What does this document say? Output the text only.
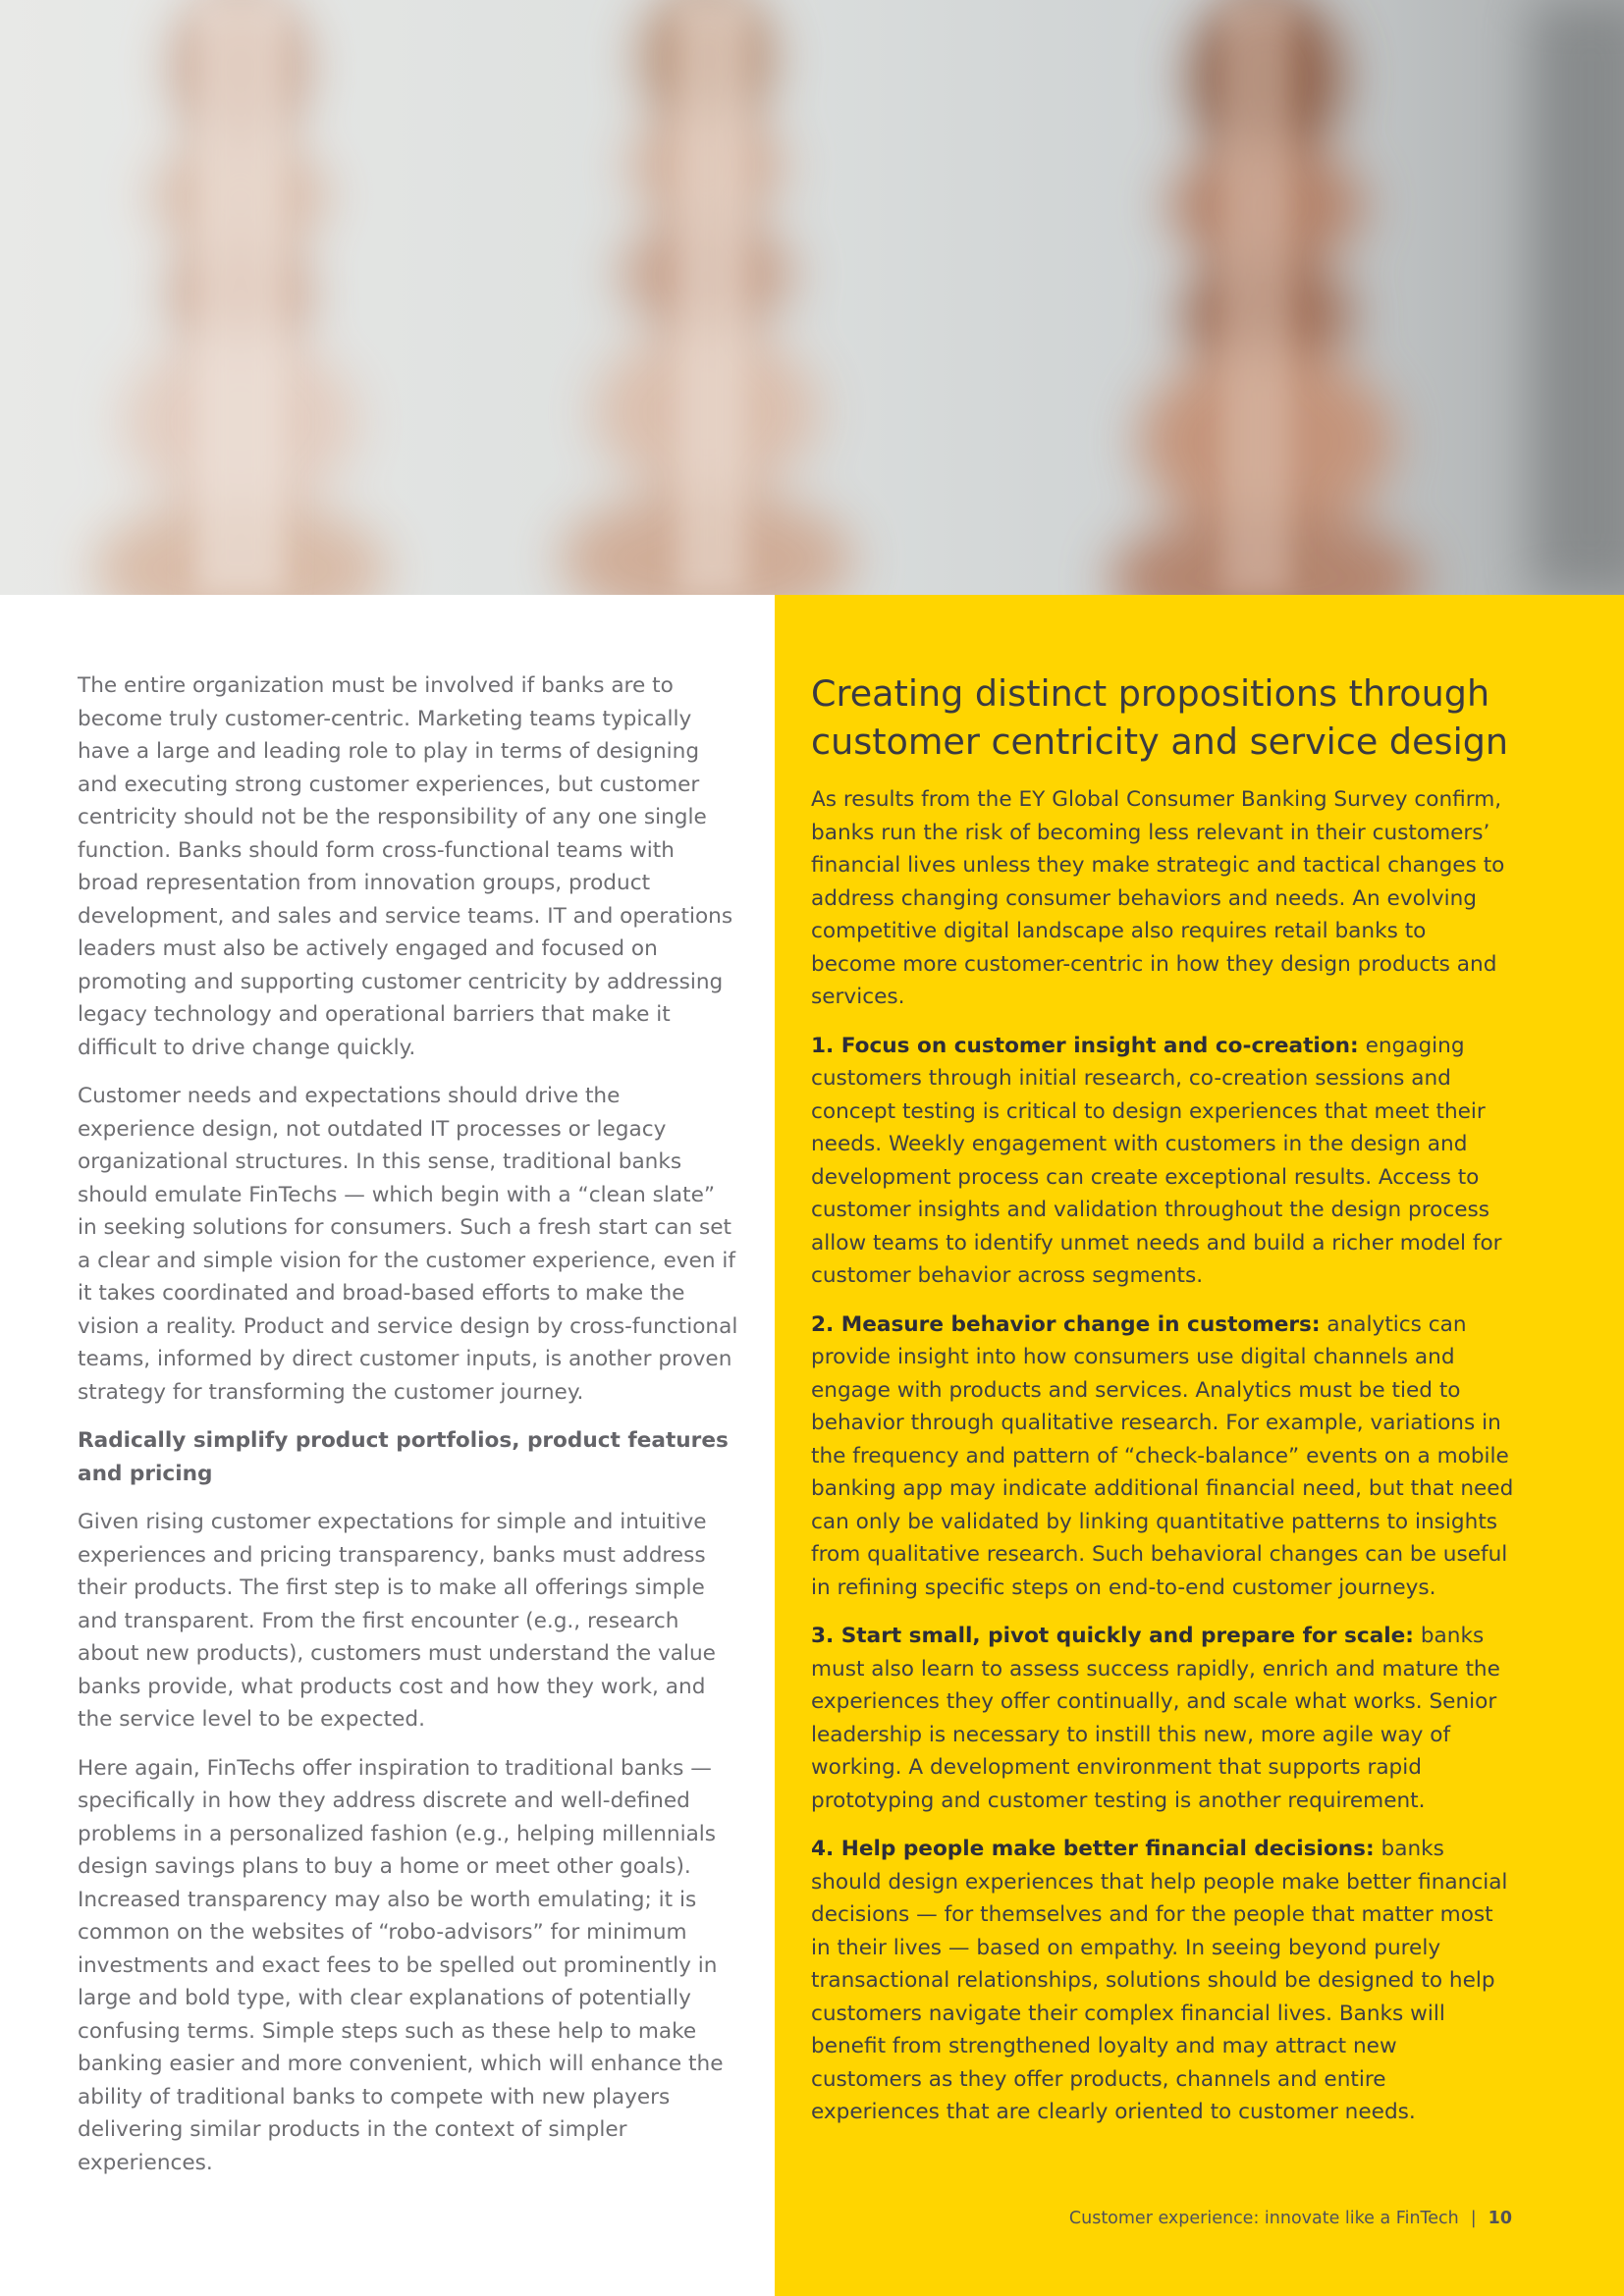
The entire organization must be involved if banks are to become truly customer-centric. Marketing teams typically have a large and leading role to play in terms of designing and executing strong customer experiences, but customer centricity should not be the responsibility of any one single function. Banks should form cross-functional teams with broad representation from innovation groups, product development, and sales and service teams. IT and operations leaders must also be actively engaged and focused on promoting and supporting customer centricity by addressing legacy technology and operational barriers that make it difficult to drive change quickly.

Customer needs and expectations should drive the experience design, not outdated IT processes or legacy organizational structures. In this sense, traditional banks should emulate FinTechs — which begin with a “clean slate” in seeking solutions for consumers. Such a fresh start can set a clear and simple vision for the customer experience, even if it takes coordinated and broad-based efforts to make the vision a reality. Product and service design by cross-functional teams, informed by direct customer inputs, is another proven strategy for transforming the customer journey.

Radically simplify product portfolios, product features and pricing

Given rising customer expectations for simple and intuitive experiences and pricing transparency, banks must address their products. The first step is to make all offerings simple and transparent. From the first encounter (e.g., research about new products), customers must understand the value banks provide, what products cost and how they work, and the service level to be expected.

Here again, FinTechs offer inspiration to traditional banks — specifically in how they address discrete and well-defined problems in a personalized fashion (e.g., helping millennials design savings plans to buy a home or meet other goals). Increased transparency may also be worth emulating; it is common on the websites of “robo-advisors” for minimum investments and exact fees to be spelled out prominently in large and bold type, with clear explanations of potentially confusing terms. Simple steps such as these help to make banking easier and more convenient, which will enhance the ability of traditional banks to compete with new players delivering similar products in the context of simpler experiences.

Creating distinct propositions through customer centricity and service design

As results from the EY Global Consumer Banking Survey confirm, banks run the risk of becoming less relevant in their customers’ financial lives unless they make strategic and tactical changes to address changing consumer behaviors and needs. An evolving competitive digital landscape also requires retail banks to become more customer-centric in how they design products and services.

1. Focus on customer insight and co-creation: engaging customers through initial research, co-creation sessions and concept testing is critical to design experiences that meet their needs. Weekly engagement with customers in the design and development process can create exceptional results. Access to customer insights and validation throughout the design process allow teams to identify unmet needs and build a richer model for customer behavior across segments.

2. Measure behavior change in customers: analytics can provide insight into how consumers use digital channels and engage with products and services. Analytics must be tied to behavior through qualitative research. For example, variations in the frequency and pattern of “check-balance” events on a mobile banking app may indicate additional financial need, but that need can only be validated by linking quantitative patterns to insights from qualitative research. Such behavioral changes can be useful in refining specific steps on end-to-end customer journeys.

3. Start small, pivot quickly and prepare for scale: banks must also learn to assess success rapidly, enrich and mature the experiences they offer continually, and scale what works. Senior leadership is necessary to instill this new, more agile way of working. A development environment that supports rapid prototyping and customer testing is another requirement.

4. Help people make better financial decisions: banks should design experiences that help people make better financial decisions — for themselves and for the people that matter most in their lives — based on empathy. In seeing beyond purely transactional relationships, solutions should be designed to help customers navigate their complex financial lives. Banks will benefit from strengthened loyalty and may attract new customers as they offer products, channels and entire experiences that are clearly oriented to customer needs.

Customer experience: innovate like a FinTech | 10
